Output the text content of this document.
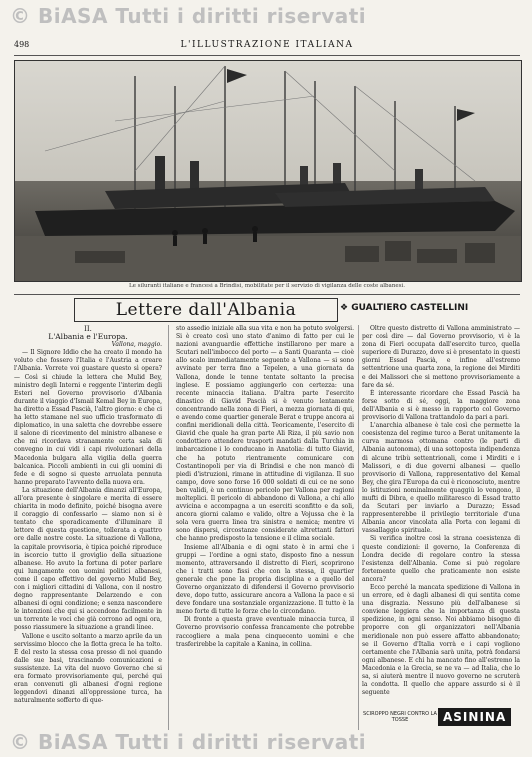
© BiASA Tutti i diritti riservati
498	L'ILLUSTRAZIONE ITALIANA
Le siluranti italiane e francesi a Brindisi, mobilitate per il servizio di vigilanza delle coste albanesi.
Lettere dall'Albania	❖ GUALTIERO CASTELLINI

II.

L'Albania e l'Europa.

Vallona, maggio.

— Il Signore Iddio che ha creato il mondo ha voluto che fossero l'Italia e l'Austria a creare l'Albania. Vorrete voi guastare questo sì opera? — Così si chiude la lettera che Mulid Bey, ministro degli Interni e reggente l'interim degli Esteri nel Governo provvisorio d'Albania durante il viaggio d'Ismail Kemal Bey in Europa, ha diretto a Essad Pascià, l'altro giorno: e che ci ha letto stamane nel suo ufficio trasformato di diplomatico, in una saletta che dovrebbe essere il salone di ricevimento del ministro albanese e che mi ricordava stranamente certa sala di convegno in cui vidi i capi rivoluzionari della Macedonia bulgara alla vigilia della guerra balcanica. Piccoli ambienti in cui gli uomini di fede e di sogno si queste arruolata pennuta hanno preparato l'avvento della nuova era.

La situazione dell'Albania dinanzi all'Europa, all'ora presente è singolare e merita di essere chiarita in modo definito, poiché bisogna avere il coraggio di confessarlo — siamo non si è tentato che sporadicamente d'illuminare il lettore di questa questione, tollerata a quattro ore dalle nostre coste. La situazione di Vallona, la capitale provvisoria, è tipica poiché riproduce in iscorcio tutto il groviglio della situazione albanese. Ho avuto la fortuna di poter parlare qui lungamente con uomini politici albanesi, come il capo effettivo del governo Mulid Bey, con i migliori cittadini di Vallona, con il nostro degno rappresentante Delarzendo e con albanesi di ogni condizione; e senza nascondere le intenzioni che qui si accendono facilmente in un torrente le voci che già corrono ad ogni ora, posso riassumere la situazione a grandi linee.

Vallone e uscito soltanto a marzo aprile da un servissimo blocco che la flotta greca le ha tolto. È del resto la stessa cosa presso di noi quando dalle sue basi, trascinando comunicazioni e sussistenze. La vita del nuovo Governo che si era formato provvisoriamente qui, perché qui eran convenuti gli albanesi d'ogni regione leggendovi dinanzi all'oppressione turca, ha naturalmente sofferto di que-

sto assedio iniziale alla sua vita e non ha potuto svolgersi. Si è creato così uno stato d'animo di fatto per cui le nazioni avanguardie effettiche instillarono per mare a Scutari nell'imbocco del porto — a Santi Quaranta — cioè allo scalo immediatamente seguente a Vallona — si sono avvinate per terra fino a Tepelen, a una giornata da Vallona, donde le tenne tentate soltanto la precisa inglese. E possiamo aggiungerlo con certezza: una recente minaccia italiana. D'altra parte l'esercito dinastico di Giavid Pascià si è venuto lentamente concentrando nella zona di Fieri, a mezza giornata di qui, e avendo come quartier generale Berat e truppe ancora ai confini meridionali della città. Teoricamente, l'esercito di Giavid che quale ha gran parte Ali Riza, il più savio non condottiero attendere trasporti mandati dalla Turchia in imbarcazione i lo conducano in Anatolia: di tutto Giavid, che ha potuto rientramente comunicare con Costantinopoli per via di Brindisi e che non mancò di piedi d'istruzioni, rimane in attitudine di vigilanza. Il suo campo, dove sono forse 16 000 soldati di cui ce ne sono ben validi, è un continuo pericolo per Vallona per ragioni molteplici. Il pericolo di abbandono di Vallona, a chi allo avvicina e accompagna a un eserciti sconfitto e da soli, ancora giorni calamo e valido, oltre a Vojussa che è la sola vera guerra linea tra sinistra e nemica; mentre vi sono dispersi, circostanze considerate altrettanti fattori che hanno predisposto la tensione e il clima sociale.

Insieme all'Albania e di ogni stato è in armi che i gruppi — l'ordine a ogni stato, disposto fino a nessun momento, attraversando il distretto di Fieri, scoprirono che i tratti sono fissi che con la stessa, il quartier generale che pone la propria disciplina e a quello del Governo organizzato di difendersi il Governo provvisorio deve, dopo tutto, assicurare ancora a Vallona la pace e si deve fondare una sostanziale organizzazione. Il tutto è la meno forte di tutte le forze che lo circondano.

Di fronte a questa grave eventuale minaccia turca, il Governo provvisorio confessa francamente che potrebbe raccogliere a mala pena cinquecento uomini e che trasferirebbe la capitale a Kanina, in collina.

Oltre questo distretto di Vallona amministrato — per così dire — dal Governo provvisorio, vi è la zona di Fieri occupata dall'esercito turco, quella superiore di Durazzo, dove si è presentato in questi giorni Essad Pascià, e infine all'estremo settentrione una quarta zona, la regione dei Mirditi e dei Malissori che si mettono provvisoriamente a fare da sé.

È interessante ricordare che Essad Pascià ha forse sotto di sé, oggi, la maggiore zona dell'Albania e si è messo in rapporto col Governo provvisorio di Vallona trattandolo da pari a pari.

L'anarchia albanese è tale così che permette la coesistenza del regime turco a Berat unitamente la curva marmosa ottomana contro (le parti di Albania autonoma), di una sottoposta indipendenza di alcune tribù settentrionali, come i Mirditi e i Malissori, e di due governi albanesi — quello provvisorio di Vallona, rappresentativo del Kemal Bey, che gira l'Europa da cui è riconosciuto, mentre lo istituzioni nominalmente quaggiù lo vengono, il mufti di Dibra, e quello militaresco di Essad tratto da Scutari per inviarlo a Durazzo; Essad rappresenterebbe il privilegio territoriale d'una Albania ancor vincolata alla Porta con legami di vassallaggio spirituale.

Si verifica inoltre così la strana coesistenza di queste condizioni: il governo, la Conferenza di Londra decide di regolare contro la stessa l'esistenza dell'Albania. Come si può regolare fortemente quello che praticamente non esiste ancora?

Ecco perché la mancata spedizione di Vallona in un errore, ed è dagli albanesi di qui sentita come una disgrazia. Nessuno più dell'albanese si conviene leggiera che la importanza di questa spedizione, in ogni senso. Noi abbiamo bisogno di proporre con gli organizzatori nell'Albania meridionale non può essere affatto abbandonato; se il Governo d'Italia vorrà e i capi vogliono certamente che l'Albania sarà unita, potrà fondarsi ogni albanese. E chi ha mancato fino all'estremo la Macedonia e la Grecia, se ne va — ad Italia, che lo sa, si aiuterà mentre il nuovo governo ne scruterà la condotta. Il quello che appare assurdo si è il seguente

SCIROPPO NEGRI CONTRO LA TOSSE	ASININA
© BiASA Tutti i diritti riservati
